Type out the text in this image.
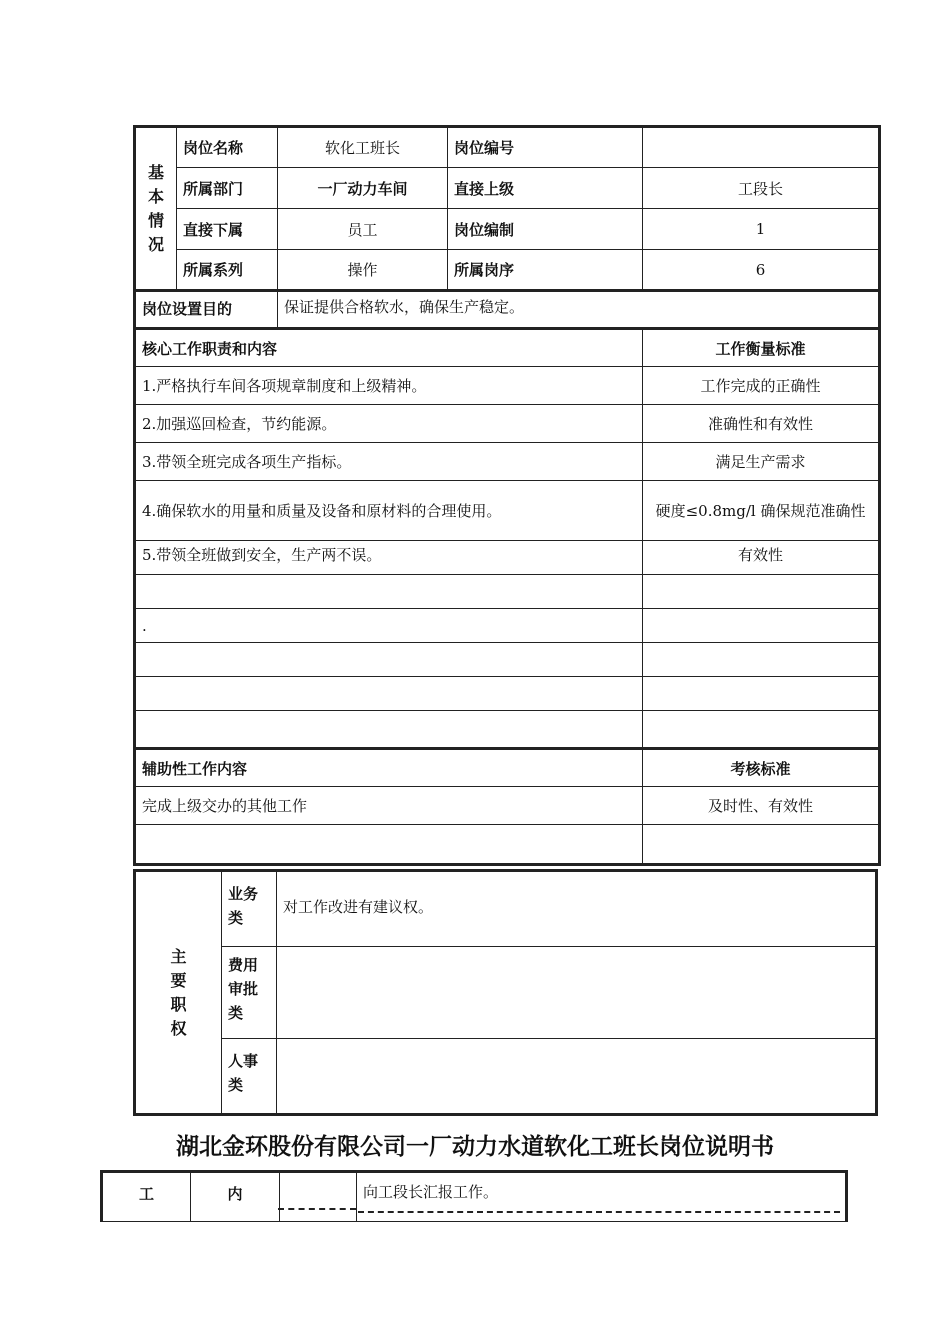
基
本
情
况	岗位名称	软化工班长	岗位编号	
	所属部门	一厂动力车间	直接上级	工段长
	直接下属	员工	岗位编制	1
	所属系列	操作	所属岗序	6
岗位设置目的		保证提供合格软水，确保生产稳定。		
核心工作职责和内容				工作衡量标准
1.严格执行车间各项规章制度和上级精神。				工作完成的正确性
2.加强巡回检查，节约能源。				准确性和有效性
3.带领全班完成各项生产指标。				满足生产需求
4.确保软水的用量和质量及设备和原材料的合理使用。				硬度≤0.8mg/l 确保规范准确性
5.带领全班做到安全，生产两不误。				有效性

.				

辅助性工作内容				考核标准
完成上级交办的其他工作				及时性、有效性

主
要
职
权	业务类	对工作改进有建议权。
	费用审批类	
	人事类	
湖北金环股份有限公司一厂动力水道软化工班长岗位说明书
工	内		向工段长汇报工作。
